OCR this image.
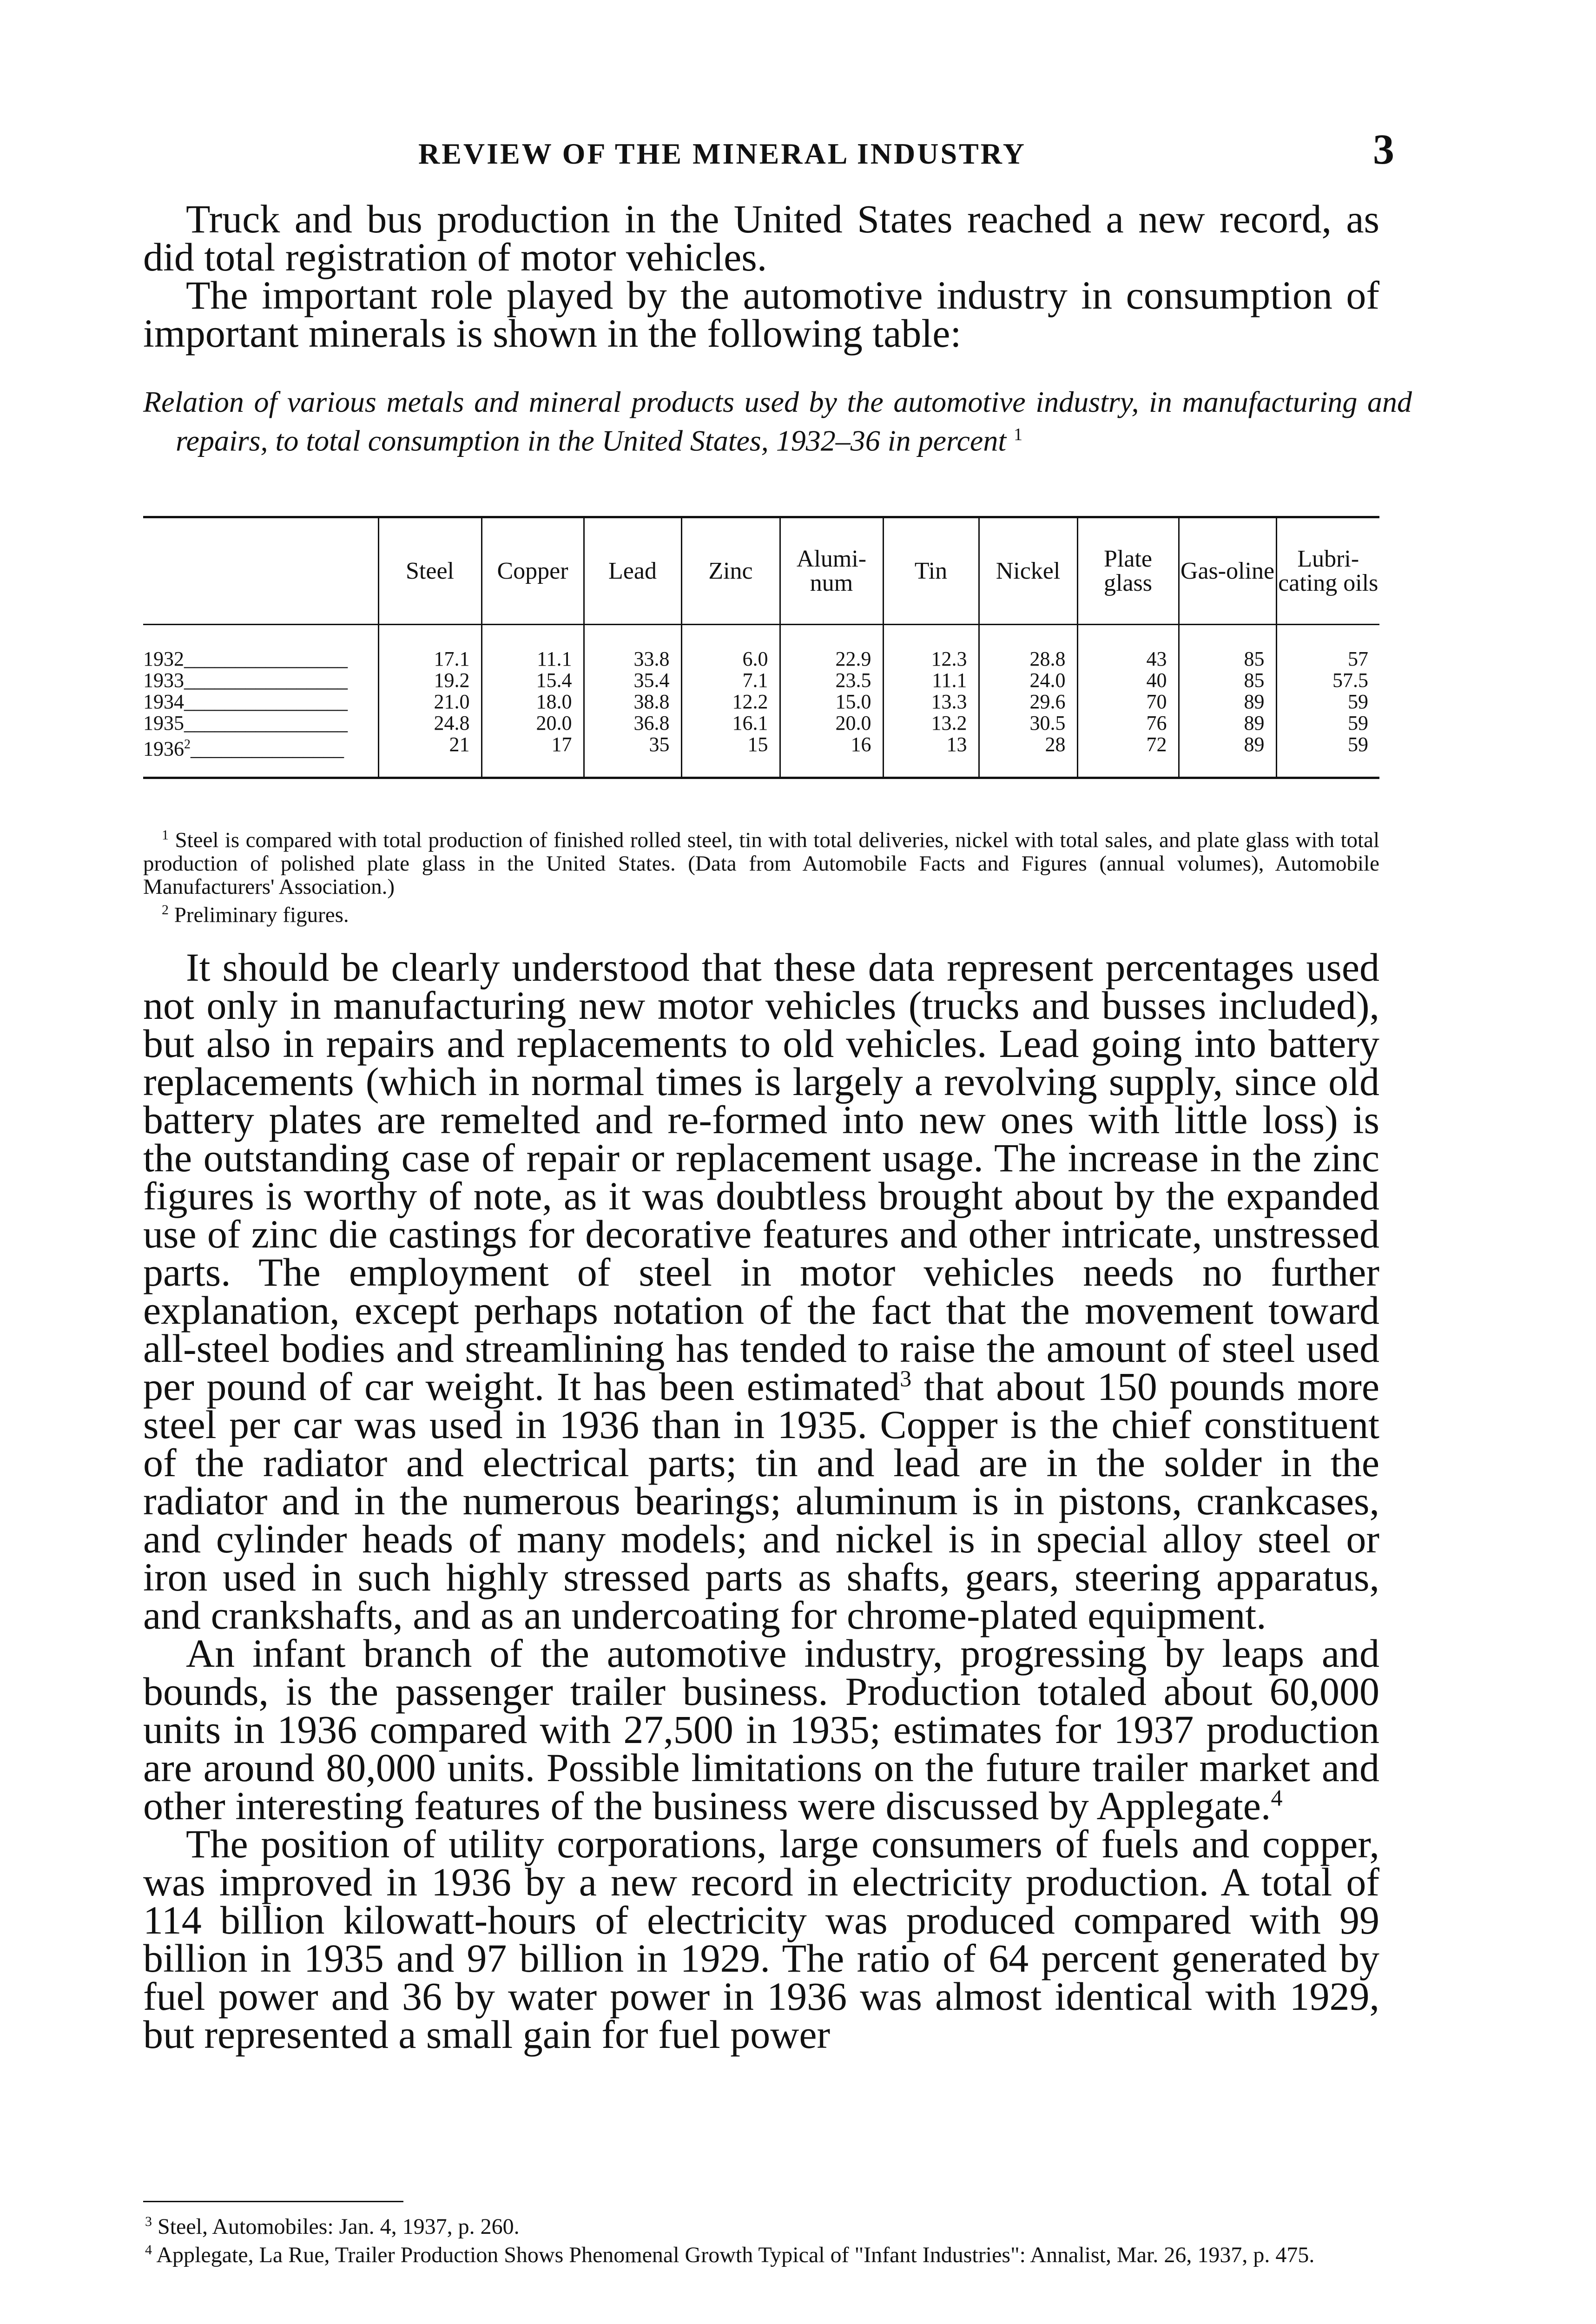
REVIEW OF THE MINERAL INDUSTRY	3

Truck and bus production in the United States reached a new record, as did total registration of motor vehicles.

The important role played by the automotive industry in consumption of important minerals is shown in the following table:

Relation of various metals and mineral products used by the automotive industry, in manufacturing and repairs, to total consumption in the United States, 1932–36 in percent $^1$
	Steel	Copper	Lead	Zinc	Alumi-num	Tin	Nickel	Plate glass	Gas-oline	Lubri-cating oils
1932________________	17.1	11.1	33.8	6.0	22.9	12.3	28.8	43	85	57
1933________________	19.2	15.4	35.4	7.1	23.5	11.1	24.0	40	85	57.5
1934________________	21.0	18.0	38.8	12.2	15.0	13.3	29.6	70	89	59
1935________________	24.8	20.0	36.8	16.1	20.0	13.2	30.5	76	89	59
1936$^2$_______________	21	17	35	15	16	13	28	72	89	59

$^1$ Steel is compared with total production of finished rolled steel, tin with total deliveries, nickel with total sales, and plate glass with total production of polished plate glass in the United States. (Data from Automobile Facts and Figures (annual volumes), Automobile Manufacturers' Association.)

$^2$ Preliminary figures.

It should be clearly understood that these data represent percentages used not only in manufacturing new motor vehicles (trucks and busses included), but also in repairs and replacements to old vehicles. Lead going into battery replacements (which in normal times is largely a revolving supply, since old battery plates are remelted and re-formed into new ones with little loss) is the outstanding case of repair or replacement usage. The increase in the zinc figures is worthy of note, as it was doubtless brought about by the expanded use of zinc die castings for decorative features and other intricate, unstressed parts. The employment of steel in motor vehicles needs no further explanation, except perhaps notation of the fact that the movement toward all-steel bodies and streamlining has tended to raise the amount of steel used per pound of car weight. It has been estimated$^3$ that about 150 pounds more steel per car was used in 1936 than in 1935. Copper is the chief constituent of the radiator and electrical parts; tin and lead are in the solder in the radiator and in the numerous bearings; aluminum is in pistons, crankcases, and cylinder heads of many models; and nickel is in special alloy steel or iron used in such highly stressed parts as shafts, gears, steering apparatus, and crankshafts, and as an undercoating for chrome-plated equipment.

An infant branch of the automotive industry, progressing by leaps and bounds, is the passenger trailer business. Production totaled about 60,000 units in 1936 compared with 27,500 in 1935; estimates for 1937 production are around 80,000 units. Possible limitations on the future trailer market and other interesting features of the business were discussed by Applegate.$^4$

The position of utility corporations, large consumers of fuels and copper, was improved in 1936 by a new record in electricity production. A total of 114 billion kilowatt-hours of electricity was produced compared with 99 billion in 1935 and 97 billion in 1929. The ratio of 64 percent generated by fuel power and 36 by water power in 1936 was almost identical with 1929, but represented a small gain for fuel power

$^3$ Steel, Automobiles: Jan. 4, 1937, p. 260.

$^4$ Applegate, La Rue, Trailer Production Shows Phenomenal Growth Typical of "Infant Industries": Annalist, Mar. 26, 1937, p. 475.
